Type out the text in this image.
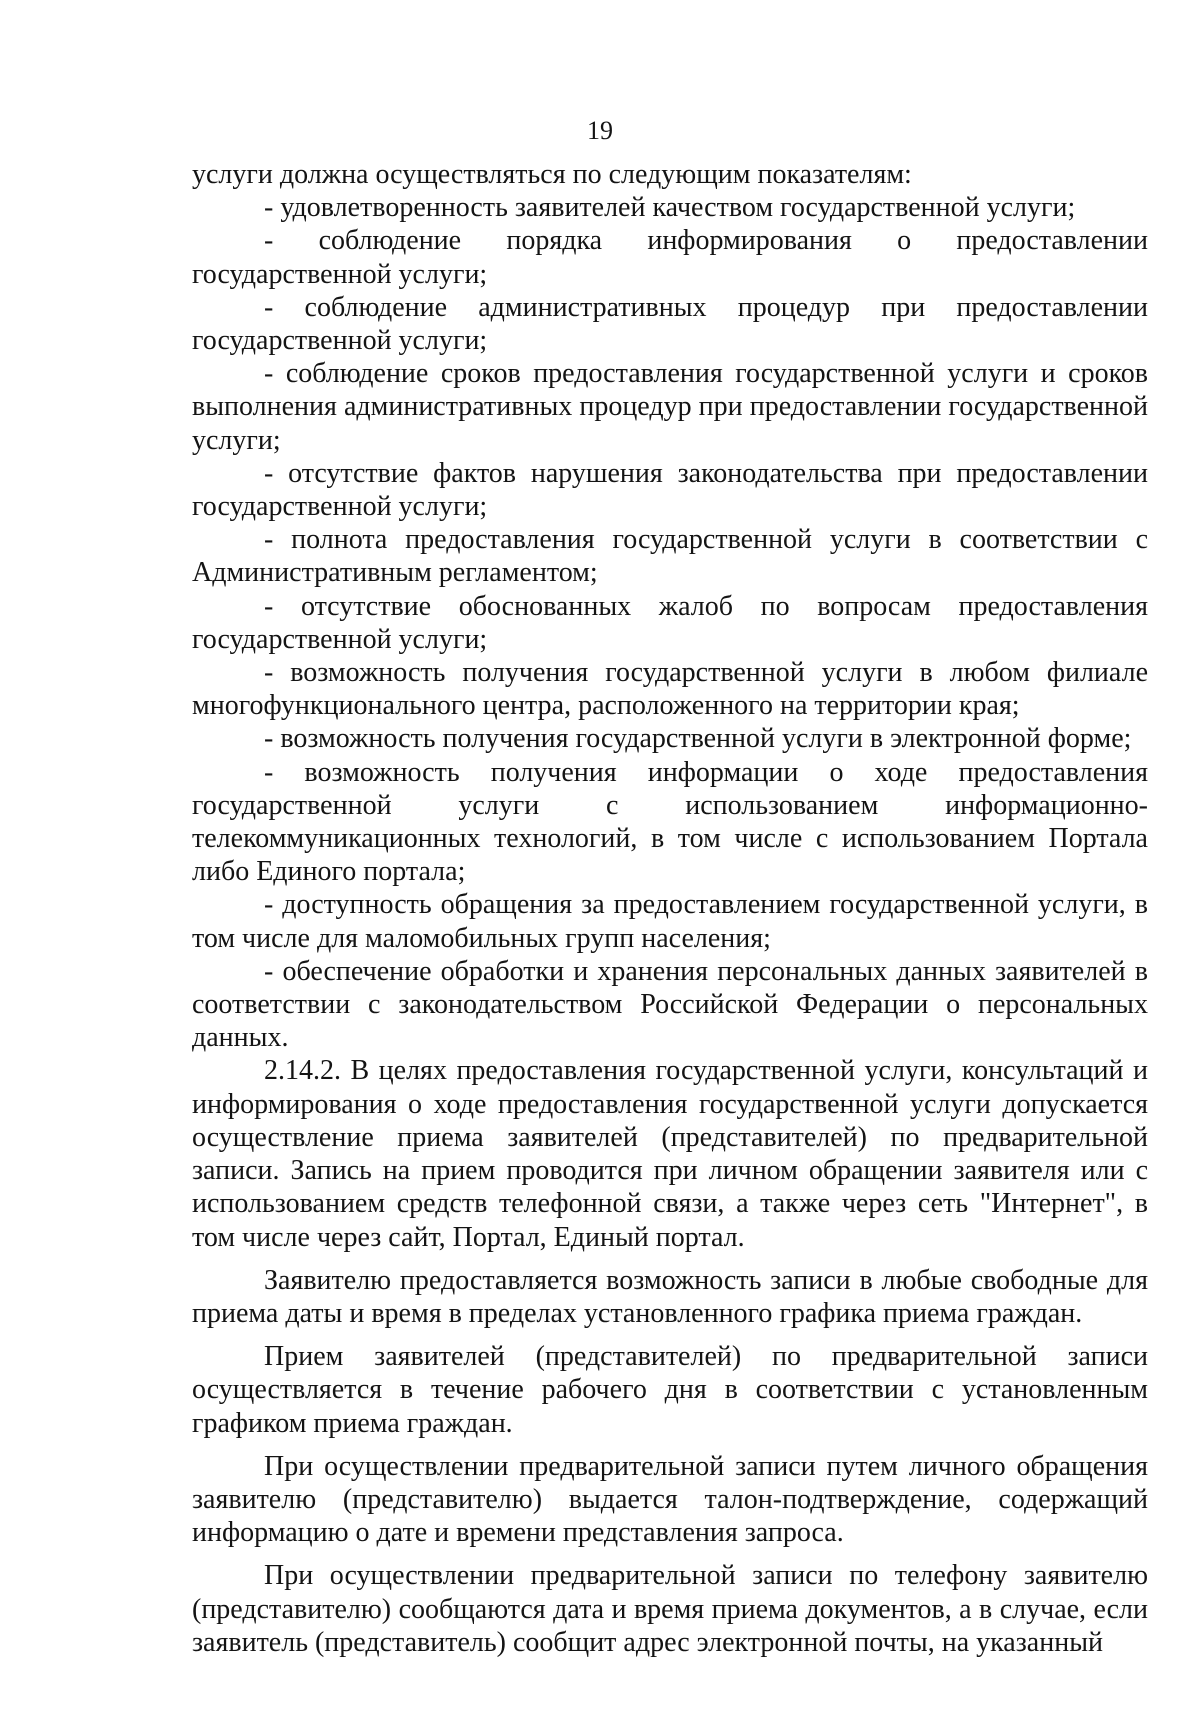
19

услуги должна осуществляться по следующим показателям:

- удовлетворенность заявителей качеством государственной услуги;

- соблюдение порядка информирования о предоставлении государственной услуги;

- соблюдение административных процедур при предоставлении государственной услуги;

- соблюдение сроков предоставления государственной услуги и сроков выполнения административных процедур при предоставлении государственной услуги;

- отсутствие фактов нарушения законодательства при предоставлении государственной услуги;

- полнота предоставления государственной услуги в соответствии с Административным регламентом;

- отсутствие обоснованных жалоб по вопросам предоставления государственной услуги;

- возможность получения государственной услуги в любом филиале многофункционального центра, расположенного на территории края;

- возможность получения государственной услуги в электронной форме;

- возможность получения информации о ходе предоставления государственной услуги с использованием информационно-телекоммуникационных технологий, в том числе с использованием Портала либо Единого портала;

- доступность обращения за предоставлением государственной услуги, в том числе для маломобильных групп населения;

- обеспечение обработки и хранения персональных данных заявителей в соответствии с законодательством Российской Федерации о персональных данных.

2.14.2. В целях предоставления государственной услуги, консультаций и информирования о ходе предоставления государственной услуги допускается осуществление приема заявителей (представителей) по предварительной записи. Запись на прием проводится при личном обращении заявителя или с использованием средств телефонной связи, а также через сеть "Интернет", в том числе через сайт, Портал, Единый портал.

Заявителю предоставляется возможность записи в любые свободные для приема даты и время в пределах установленного графика приема граждан.

Прием заявителей (представителей) по предварительной записи осуществляется в течение рабочего дня в соответствии с установленным графиком приема граждан.

При осуществлении предварительной записи путем личного обращения заявителю (представителю) выдается талон-подтверждение, содержащий информацию о дате и времени представления запроса.

При осуществлении предварительной записи по телефону заявителю (представителю) сообщаются дата и время приема документов, а в случае, если заявитель (представитель) сообщит адрес электронной почты, на указанный
